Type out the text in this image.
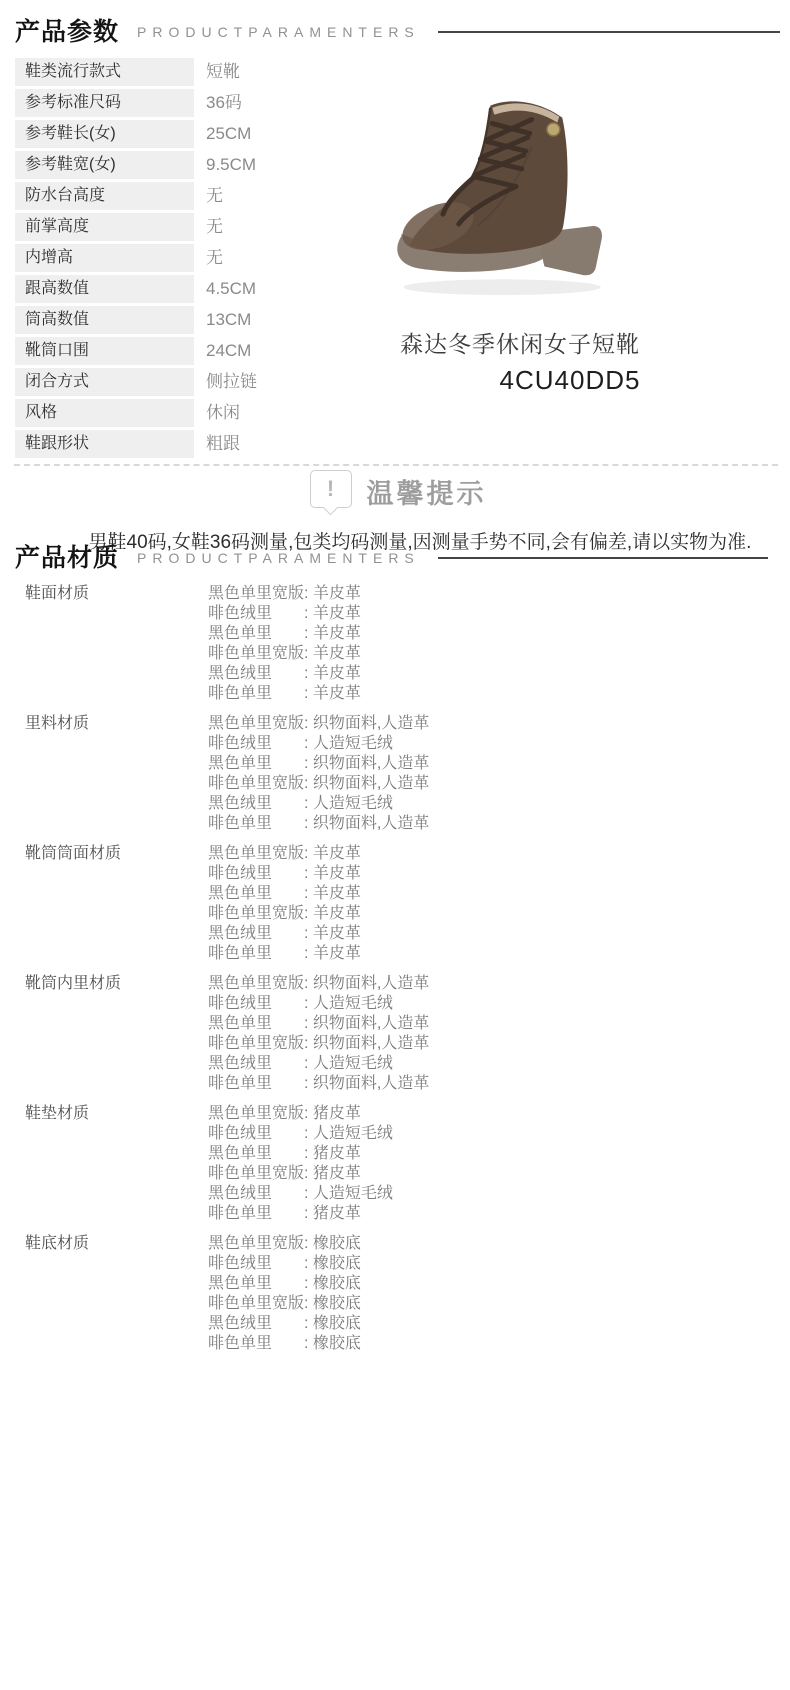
产品参数 PRODUCTPARAMENTERS
鞋类流行款式	短靴
参考标准尺码	36码
参考鞋长(女)	25CM
参考鞋宽(女)	9.5CM
防水台高度	无
前掌高度	无
内增高	无
跟高数值	4.5CM
筒高数值	13CM
靴筒口围	24CM
闭合方式	侧拉链
风格	休闲
鞋跟形状	粗跟
森达冬季休闲女子短靴
4CU40DD5
!	温馨提示
男鞋40码,女鞋36码测量,包类均码测量,因测量手势不同,会有偏差,请以实物为准.
产品材质 PRODUCTPARAMENTERS
鞋面材质	黑色单里宽版: 羊皮革
啡色绒里 : 羊皮革
黑色单里 : 羊皮革
啡色单里宽版: 羊皮革
黑色绒里 : 羊皮革
啡色单里 : 羊皮革
里料材质	黑色单里宽版: 织物面料,人造革
啡色绒里 : 人造短毛绒
黑色单里 : 织物面料,人造革
啡色单里宽版: 织物面料,人造革
黑色绒里 : 人造短毛绒
啡色单里 : 织物面料,人造革
靴筒筒面材质	黑色单里宽版: 羊皮革
啡色绒里 : 羊皮革
黑色单里 : 羊皮革
啡色单里宽版: 羊皮革
黑色绒里 : 羊皮革
啡色单里 : 羊皮革
靴筒内里材质	黑色单里宽版: 织物面料,人造革
啡色绒里 : 人造短毛绒
黑色单里 : 织物面料,人造革
啡色单里宽版: 织物面料,人造革
黑色绒里 : 人造短毛绒
啡色单里 : 织物面料,人造革
鞋垫材质	黑色单里宽版: 猪皮革
啡色绒里 : 人造短毛绒
黑色单里 : 猪皮革
啡色单里宽版: 猪皮革
黑色绒里 : 人造短毛绒
啡色单里 : 猪皮革
鞋底材质	黑色单里宽版: 橡胶底
啡色绒里 : 橡胶底
黑色单里 : 橡胶底
啡色单里宽版: 橡胶底
黑色绒里 : 橡胶底
啡色单里 : 橡胶底
